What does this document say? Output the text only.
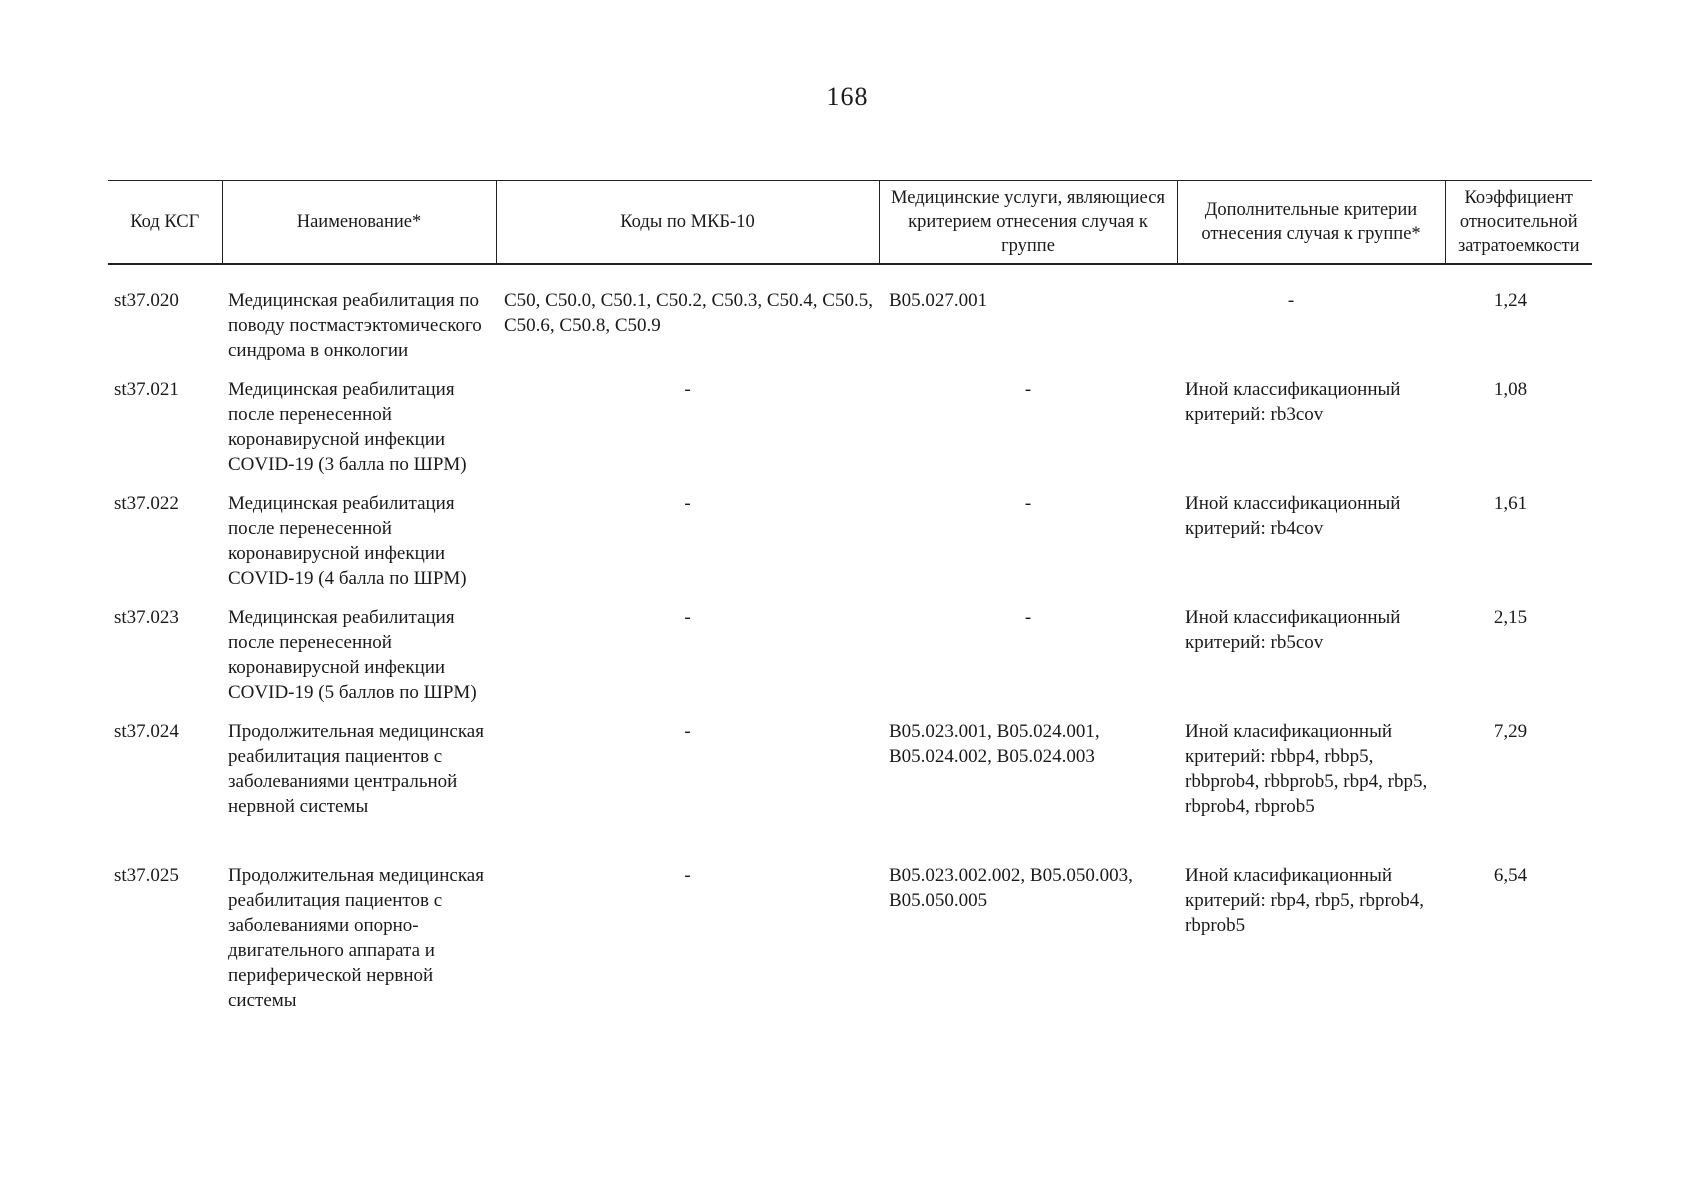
168
Код КСГ	Наименование*	Коды по МКБ-10	Медицинские услуги, являющиеся критерием отнесения случая к группе	Дополнительные критерии отнесения случая к группе*	Коэффициент относительной затратоемкости
st37.020	Медицинская реабилитация по поводу постмастэктомического синдрома в онкологии	C50, C50.0, C50.1, C50.2, C50.3, C50.4, C50.5, C50.6, C50.8, C50.9	B05.027.001	-	1,24
st37.021	Медицинская реабилитация после перенесенной коронавирусной инфекции COVID-19 (3 балла по ШРМ)	-	-	Иной классификационный критерий: rb3cov	1,08
st37.022	Медицинская реабилитация после перенесенной коронавирусной инфекции COVID-19 (4 балла по ШРМ)	-	-	Иной классификационный критерий: rb4cov	1,61
st37.023	Медицинская реабилитация после перенесенной коронавирусной инфекции COVID-19 (5 баллов по ШРМ)	-	-	Иной классификационный критерий: rb5cov	2,15
st37.024	Продолжительная медицинская реабилитация пациентов с заболеваниями центральной нервной системы	-	B05.023.001, B05.024.001, B05.024.002, B05.024.003	Иной класификационный критерий: rbbp4, rbbp5, rbbprob4, rbbprob5, rbp4, rbp5, rbprob4, rbprob5	7,29
st37.025	Продолжительная медицинская реабилитация пациентов с заболеваниями опорно-двигательного аппарата и периферической нервной системы	-	B05.023.002.002, B05.050.003, B05.050.005	Иной класификационный критерий: rbp4, rbp5, rbprob4, rbprob5	6,54
